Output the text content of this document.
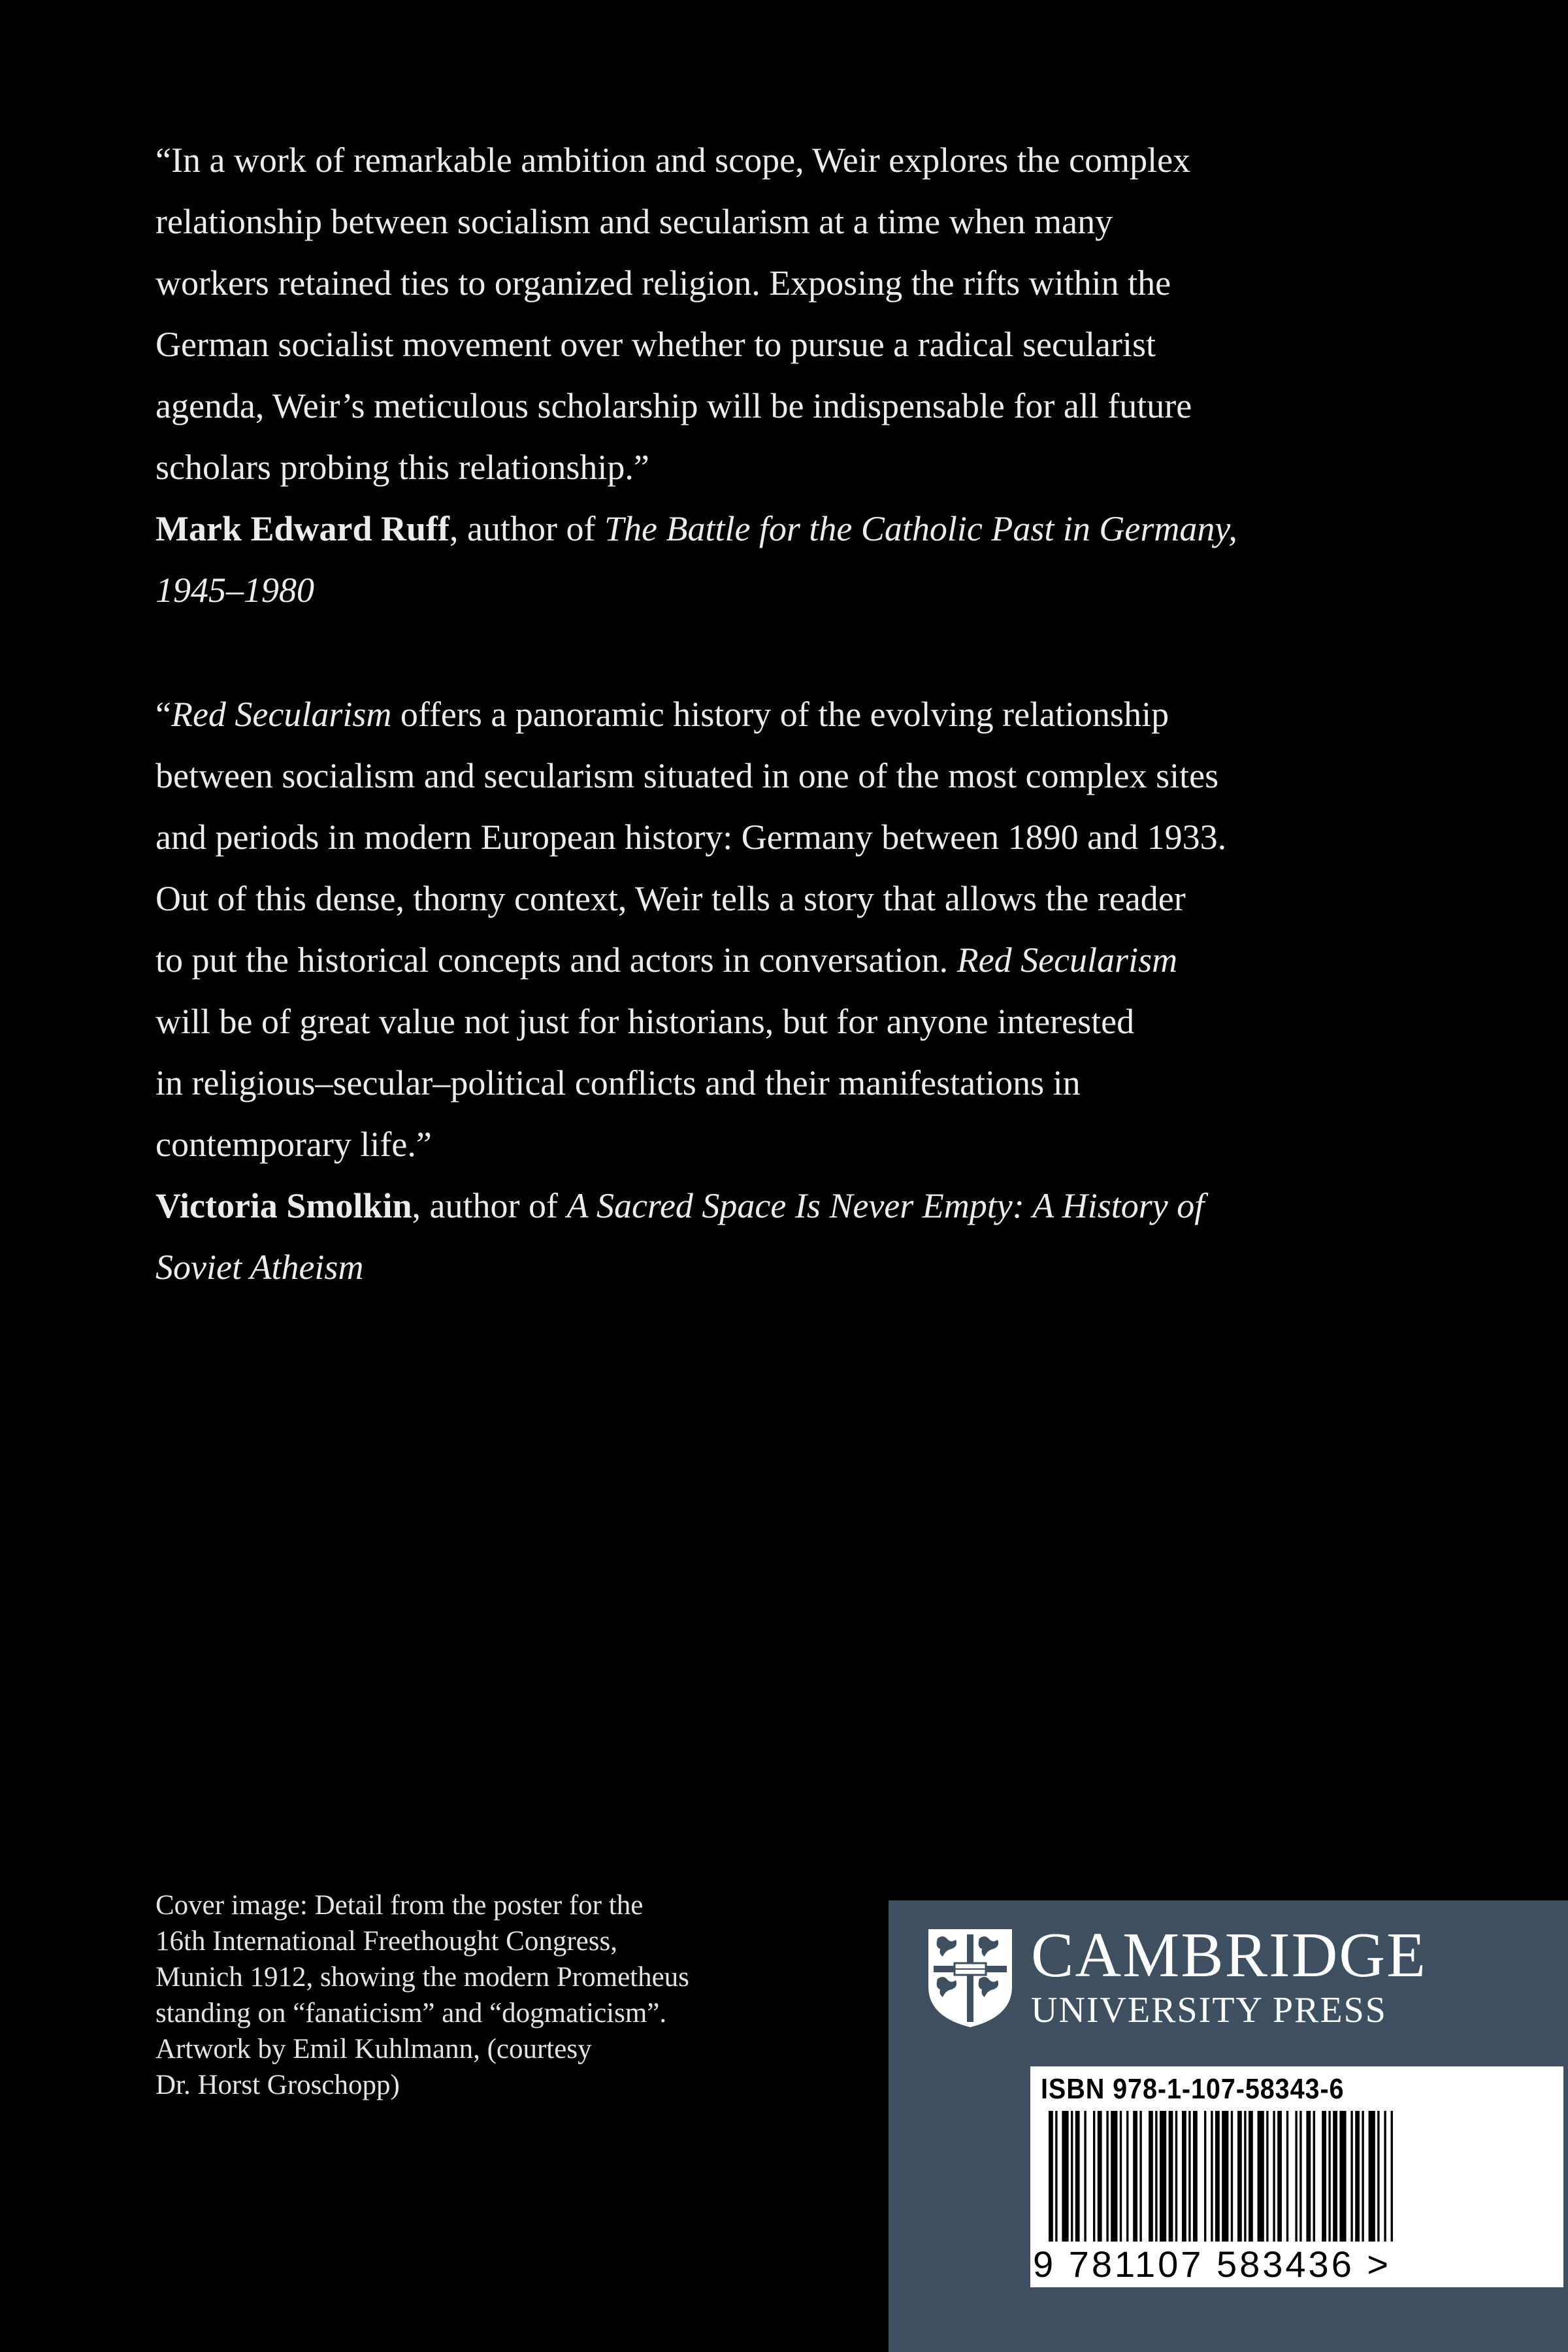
“In a work of remarkable ambition and scope, Weir explores the complex

relationship between socialism and secularism at a time when many

workers retained ties to organized religion. Exposing the rifts within the

German socialist movement over whether to pursue a radical secularist

agenda, Weir’s meticulous scholarship will be indispensable for all future

scholars probing this relationship.”

Mark Edward Ruff, author of The Battle for the Catholic Past in Germany,

1945–1980

“Red Secularism offers a panoramic history of the evolving relationship

between socialism and secularism situated in one of the most complex sites

and periods in modern European history: Germany between 1890 and 1933.

Out of this dense, thorny context, Weir tells a story that allows the reader

to put the historical concepts and actors in conversation. Red Secularism

will be of great value not just for historians, but for anyone interested

in religious–secular–political conflicts and their manifestations in

contemporary life.”

Victoria Smolkin, author of A Sacred Space Is Never Empty: A History of

Soviet Atheism

Cover image: Detail from the poster for the
16th International Freethought Congress,
Munich 1912, showing the modern Prometheus
standing on “fanaticism” and “dogmaticism”.
Artwork by Emil Kuhlmann, (courtesy
Dr. Horst Groschopp)
CAMBRIDGE
UNIVERSITY PRESS
ISBN 978-1-107-58343-6
9 781107 583436 >
